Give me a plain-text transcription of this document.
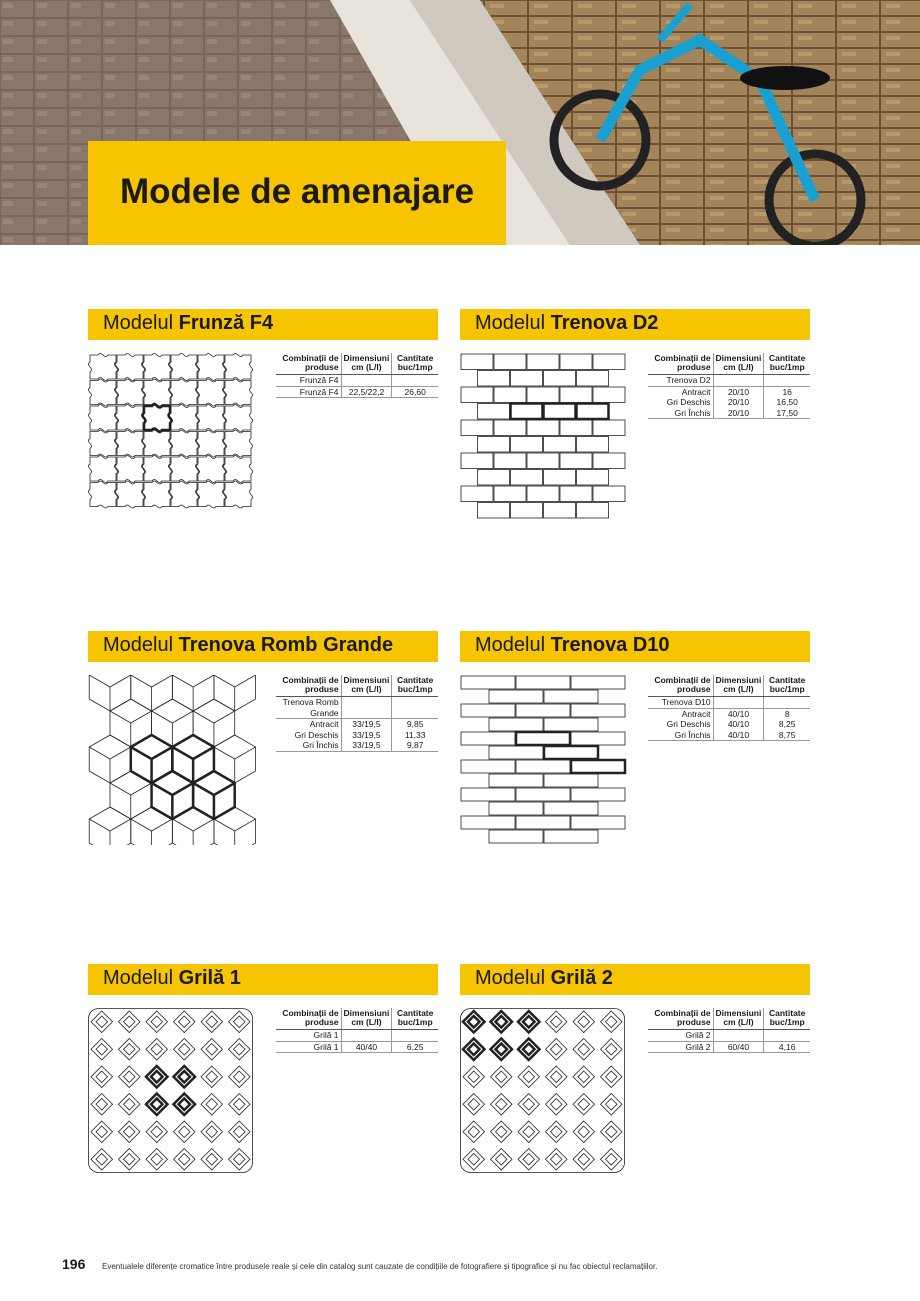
Modele de amenajare
Modelul Frunză F4
Combinații de produse	Dimensiuni cm (L/l)	Cantitate buc/1mp
Frunză F4		
Frunză F4	22,5/22,2	26,60
Modelul Trenova D2
Combinații de produse	Dimensiuni cm (L/l)	Cantitate buc/1mp
Trenova D2		
Antracit	20/10	16
Gri Deschis	20/10	16,50
Gri Închis	20/10	17,50
Modelul Trenova Romb Grande
Combinații de produse	Dimensiuni cm (L/l)	Cantitate buc/1mp
Trenova Romb Grande		
Antracit	33/19,5	9,85
Gri Deschis	33/19,5	11,33
Gri Închis	33/19,5	9,87
Modelul Trenova D10
Combinații de produse	Dimensiuni cm (L/l)	Cantitate buc/1mp
Trenova D10		
Antracit	40/10	8
Gri Deschis	40/10	8,25
Gri Închis	40/10	8,75
Modelul Grilă 1
Combinații de produse	Dimensiuni cm (L/l)	Cantitate buc/1mp
Grilă 1		
Grilă 1	40/40	6,25
Modelul Grilă 2
Combinații de produse	Dimensiuni cm (L/l)	Cantitate buc/1mp
Grilă 2		
Grilă 2	60/40	4,16
196 Eventualele diferențe cromatice între produsele reale și cele din catalog sunt cauzate de condițiile de fotografiere și tipografice și nu fac obiectul reclamațiilor.
